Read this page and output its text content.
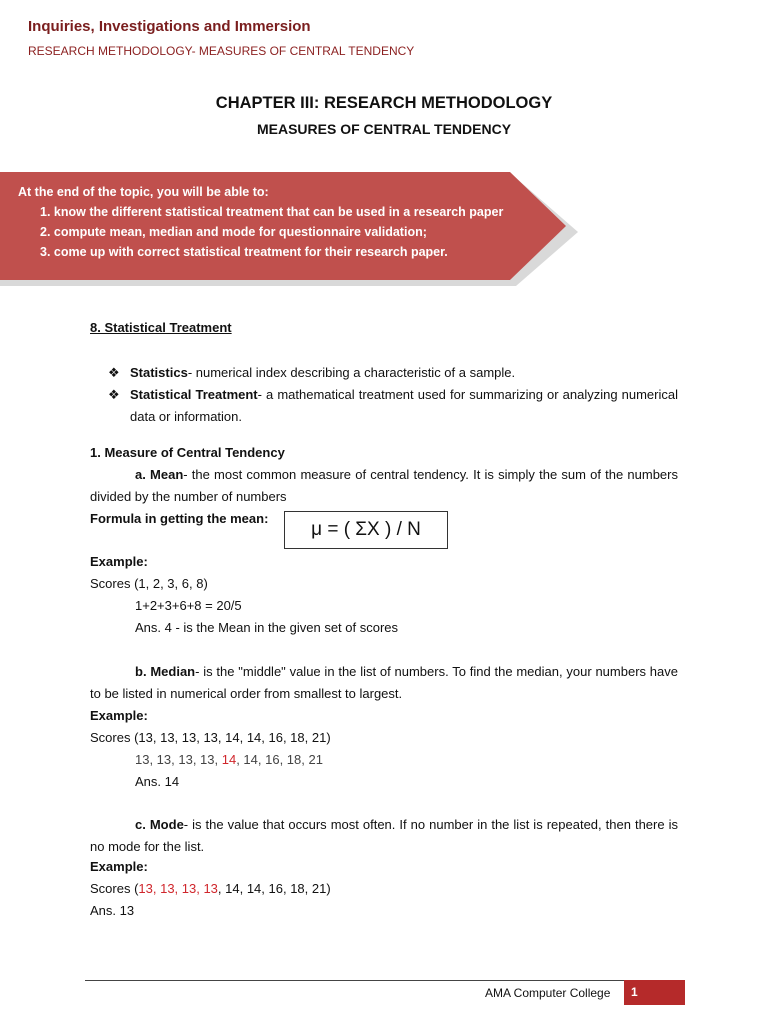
Inquiries, Investigations and Immersion
RESEARCH METHODOLOGY- MEASURES OF CENTRAL TENDENCY
CHAPTER III: RESEARCH METHODOLOGY
MEASURES OF CENTRAL TENDENCY
At the end of the topic, you will be able to:
1. know the different statistical treatment that can be used in a research paper
2. compute mean, median and mode for questionnaire validation;
3. come up with correct statistical treatment for their research paper.
8. Statistical Treatment
❖ Statistics- numerical index describing a characteristic of a sample.
❖ Statistical Treatment- a mathematical treatment used for summarizing or analyzing numerical data or information.
1. Measure of Central Tendency
a. Mean- the most common measure of central tendency. It is simply the sum of the numbers divided by the number of numbers
Formula in getting the mean:
μ = ( ΣX ) / N
Example:
Scores (1, 2, 3, 6, 8)
1+2+3+6+8 = 20/5
Ans. 4 - is the Mean in the given set of scores
b. Median- is the "middle" value in the list of numbers. To find the median, your numbers have to be listed in numerical order from smallest to largest.
Example:
Scores (13, 13, 13, 13, 14, 14, 16, 18, 21)
13, 13, 13, 13, 14, 14, 16, 18, 21
Ans. 14
c. Mode- is the value that occurs most often. If no number in the list is repeated, then there is no mode for the list.
Example:
Scores (13, 13, 13, 13, 14, 14, 16, 18, 21)
Ans. 13
AMA Computer College	1
